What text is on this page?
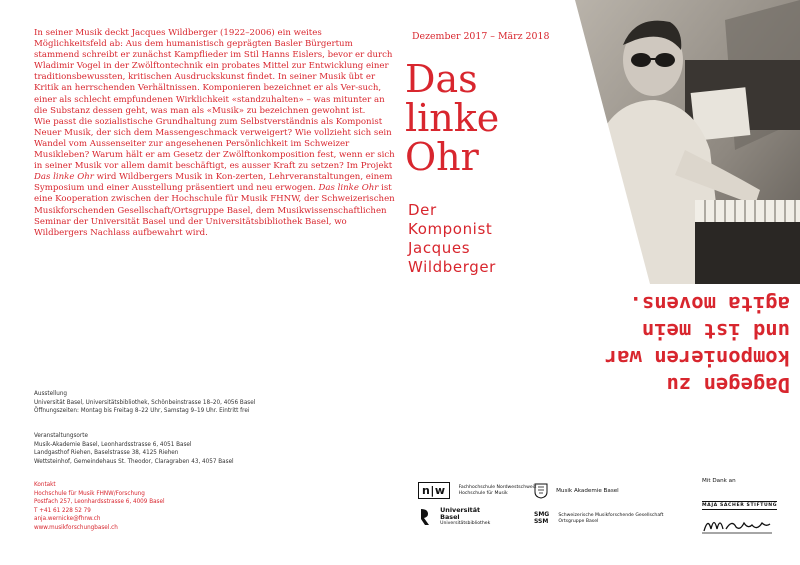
In seiner Musik deckt Jacques Wildberger (1922–2006) ein weites Möglichkeitsfeld ab: Aus dem humanistisch geprägten Basler Bürgertum stammend schreibt er zunächst Kampflieder im Stil Hanns Eislers, bevor er durch Wladimir Vogel in der Zwölftontechnik ein probates Mittel zur Entwicklung einer traditionsbewussten, kritischen Ausdruckskunst findet. In seiner Musik übt er Kritik an herrschenden Verhältnissen. Komponieren bezeichnet er als Ver-such, einer als schlecht empfundenen Wirklichkeit «standzuhalten» – was mitunter an die Substanz dessen geht, was man als «Musik» zu bezeichnen gewohnt ist.

Wie passt die sozialistische Grundhaltung zum Selbstverständnis als Komponist Neuer Musik, der sich dem Massengeschmack verweigert? Wie vollzieht sich sein Wandel vom Aussenseiter zur angesehenen Persönlichkeit im Schweizer Musikleben? Warum hält er am Gesetz der Zwölftonkomposition fest, wenn er sich in seiner Musik vor allem damit beschäftigt, es ausser Kraft zu setzen? Im Projekt Das linke Ohr wird Wildbergers Musik in Kon-zerten, Lehrveranstaltungen, einem Symposium und einer Ausstellung präsentiert und neu erwogen. Das linke Ohr ist eine Kooperation zwischen der Hochschule für Musik FHNW, der Schweizerischen Musikforschenden Gesellschaft/Ortsgruppe Basel, dem Musikwissenschaftlichen Seminar der Universität Basel und der Universitätsbibliothek Basel, wo Wildbergers Nachlass aufbewahrt wird.

Ausstellung
Universität Basel, Universitätsbibliothek, Schönbeinstrasse 18–20, 4056 Basel
Öffnungszeiten: Montag bis Freitag 8–22 Uhr, Samstag 9–19 Uhr. Eintritt frei
Veranstaltungsorte
Musik-Akademie Basel, Leonhardsstrasse 6, 4051 Basel
Landgasthof Riehen, Baselstrasse 38, 4125 Riehen
Wettsteinhof, Gemeindehaus St. Theodor, Claragraben 43, 4057 Basel
Kontakt
Hochschule für Musik FHNW/Forschung
Postfach 257, Leonhardsstrasse 6, 4009 Basel
T +41 61 228 52 79
anja.wernicke@fhnw.ch
www.musikforschungbasel.ch
Dezember 2017 – März 2018
Das
linke
Ohr
Der
Komponist
Jacques
Wildberger
Dagegen zu
komponieren war
und ist mein
agita movens.
n|w	Fachhochschule Nordwestschweiz
Hochschule für Musik	Musik Akademie Basel

Universität
Basel
Universitätsbibliothek
SMG
SSM

Schweizerische Musikforschende Gesellschaft
Ortsgruppe Basel
Mit Dank an
MAJA SACHER STIFTUNG
